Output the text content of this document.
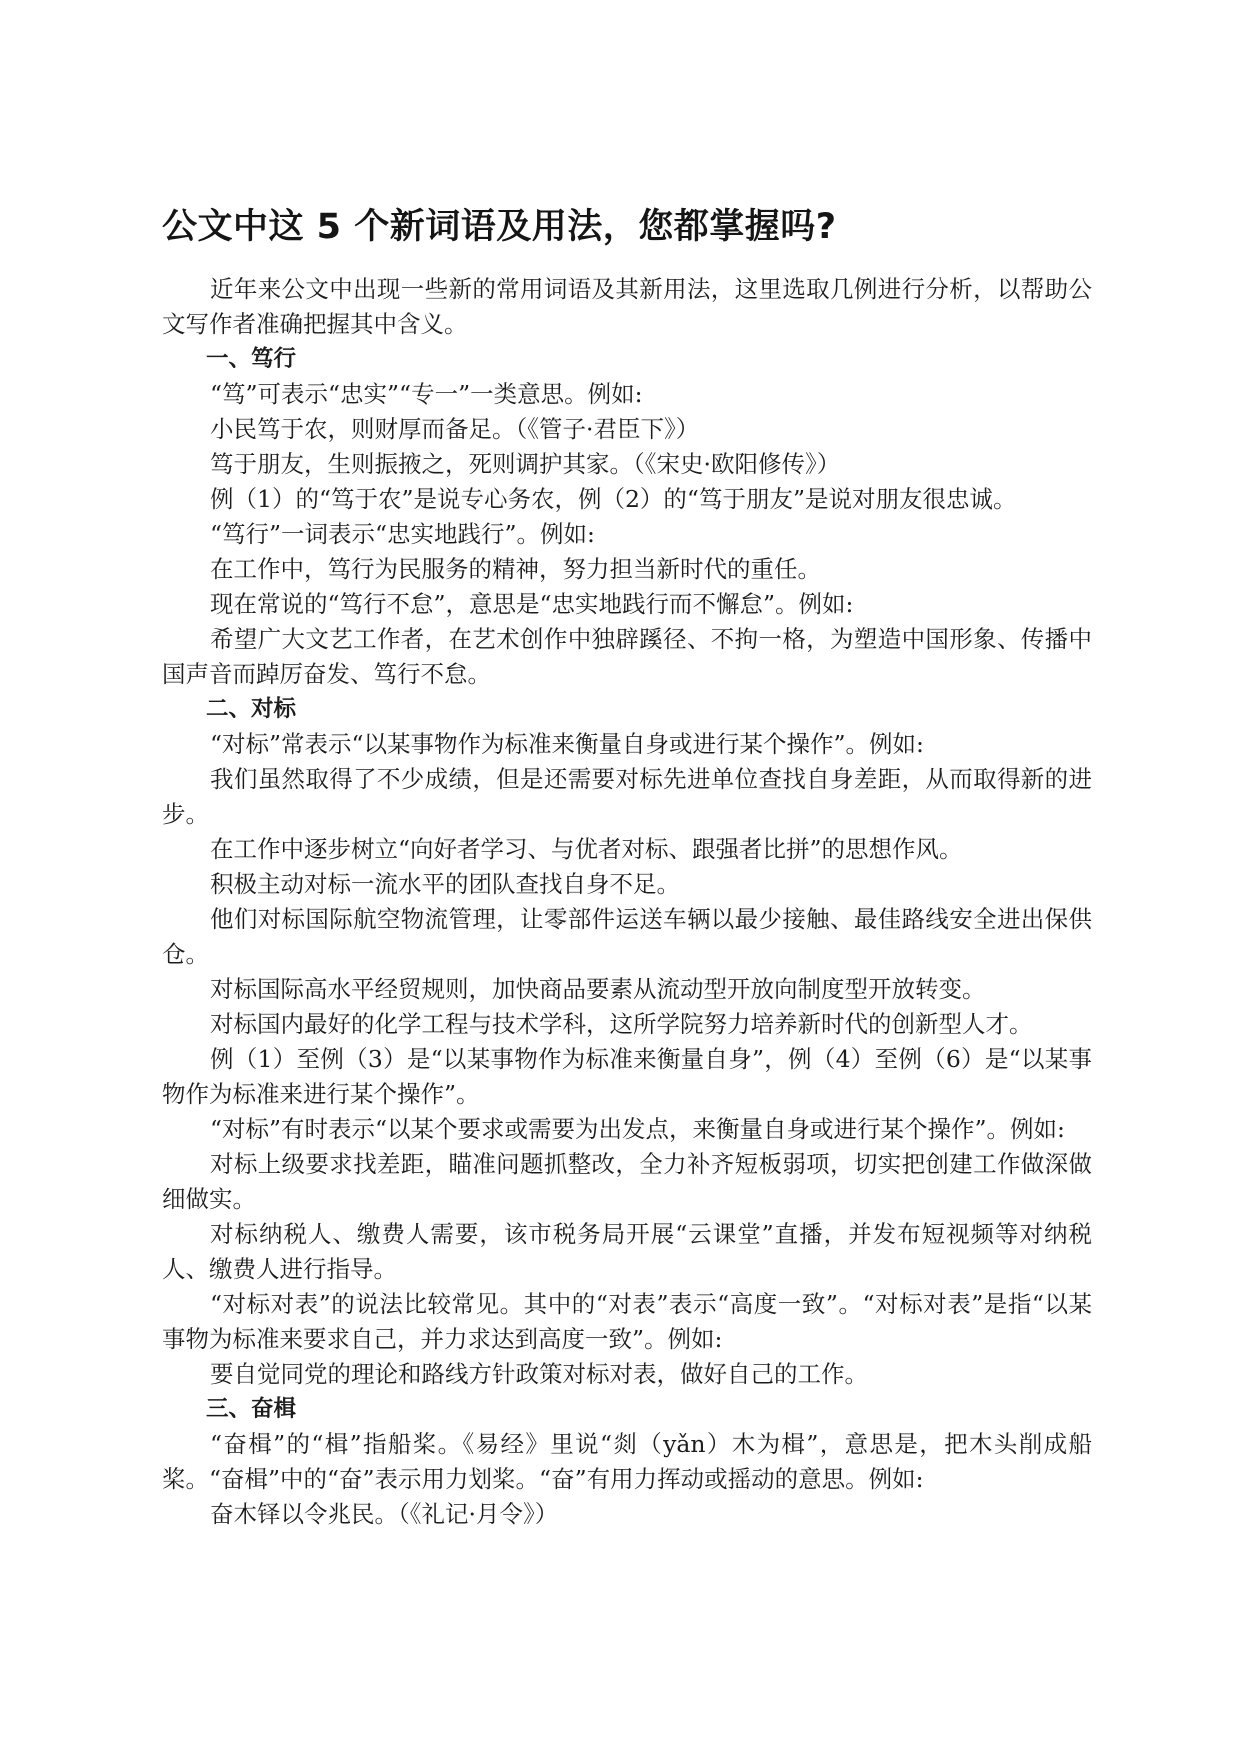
公文中这 5 个新词语及用法，您都掌握吗?
近年来公文中出现一些新的常用词语及其新用法，这里选取几例进行分析，以帮助公文写作者准确把握其中含义。
一、笃行
“笃”可表示“忠实”“专一”一类意思。例如:
小民笃于农，则财厚而备足。（《管子·君臣下》）
笃于朋友，生则振掖之，死则调护其家。（《宋史·欧阳修传》）
例（1）的“笃于农”是说专心务农，例（2）的“笃于朋友”是说对朋友很忠诚。
“笃行”一词表示“忠实地践行”。例如:
在工作中，笃行为民服务的精神，努力担当新时代的重任。
现在常说的“笃行不怠”，意思是“忠实地践行而不懈怠”。例如:
希望广大文艺工作者，在艺术创作中独辟蹊径、不拘一格，为塑造中国形象、传播中国声音而踔厉奋发、笃行不怠。
二、对标
“对标”常表示“以某事物作为标准来衡量自身或进行某个操作”。例如:
我们虽然取得了不少成绩，但是还需要对标先进单位查找自身差距，从而取得新的进步。
在工作中逐步树立“向好者学习、与优者对标、跟强者比拼”的思想作风。
积极主动对标一流水平的团队查找自身不足。
他们对标国际航空物流管理，让零部件运送车辆以最少接触、最佳路线安全进出保供仓。
对标国际高水平经贸规则，加快商品要素从流动型开放向制度型开放转变。
对标国内最好的化学工程与技术学科，这所学院努力培养新时代的创新型人才。
例（1）至例（3）是“以某事物作为标准来衡量自身”，例（4）至例（6）是“以某事物作为标准来进行某个操作”。
“对标”有时表示“以某个要求或需要为出发点，来衡量自身或进行某个操作”。例如:
对标上级要求找差距，瞄准问题抓整改，全力补齐短板弱项，切实把创建工作做深做细做实。
对标纳税人、缴费人需要，该市税务局开展“云课堂”直播，并发布短视频等对纳税人、缴费人进行指导。
“对标对表”的说法比较常见。其中的“对表”表示“高度一致”。“对标对表”是指“以某事物为标准来要求自己，并力求达到高度一致”。例如:
要自觉同党的理论和路线方针政策对标对表，做好自己的工作。
三、奋楫
“奋楫”的“楫”指船桨。《易经》里说“剡（yǎn）木为楫”，意思是，把木头削成船桨。“奋楫”中的“奋”表示用力划桨。“奋”有用力挥动或摇动的意思。例如:
奋木铎以令兆民。（《礼记·月令》）
